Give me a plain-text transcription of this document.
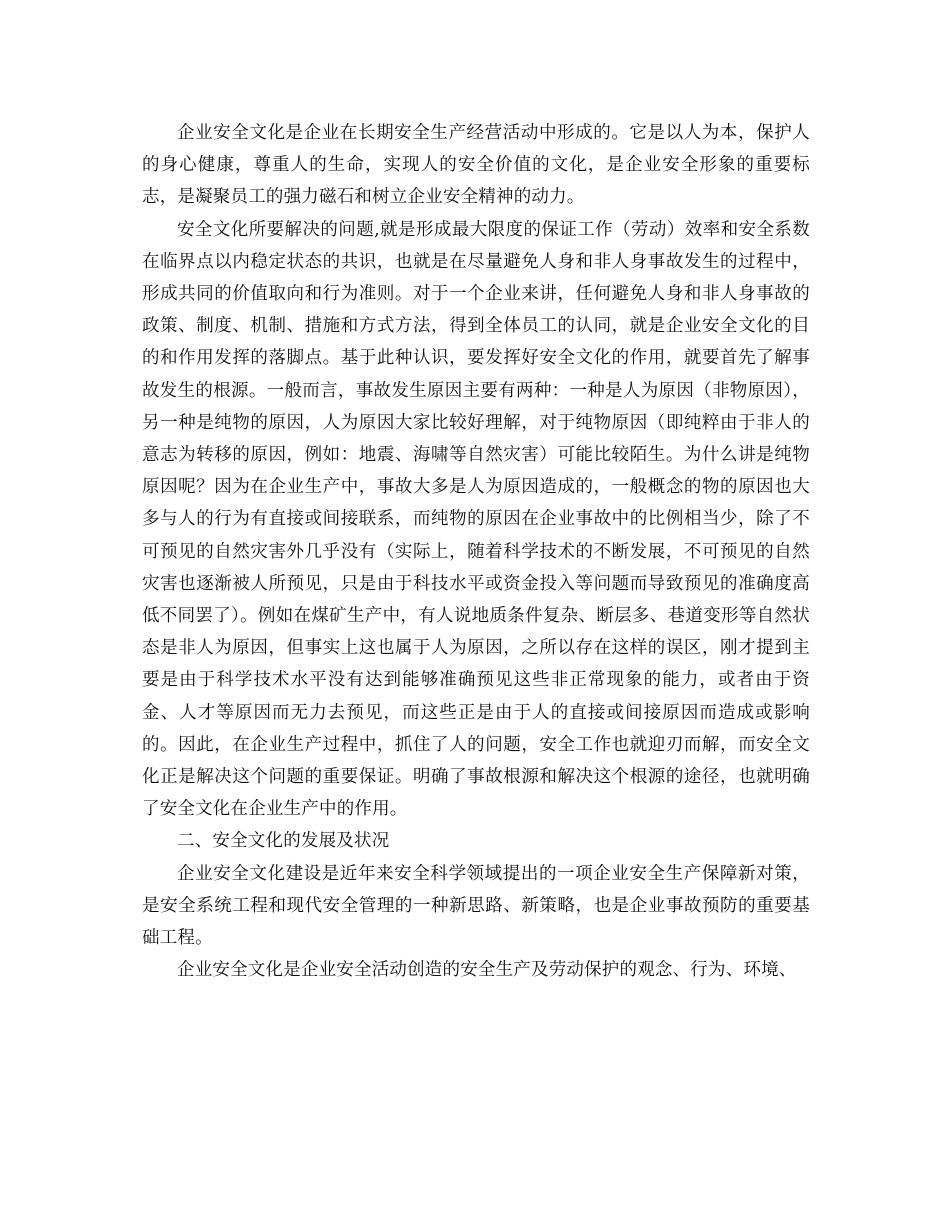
企业安全文化是企业在长期安全生产经营活动中形成的。它是以人为本，保护人的身心健康，尊重人的生命，实现人的安全价值的文化，是企业安全形象的重要标志，是凝聚员工的强力磁石和树立企业安全精神的动力。

安全文化所要解决的问题,就是形成最大限度的保证工作（劳动）效率和安全系数在临界点以内稳定状态的共识，也就是在尽量避免人身和非人身事故发生的过程中，形成共同的价值取向和行为准则。对于一个企业来讲，任何避免人身和非人身事故的政策、制度、机制、措施和方式方法，得到全体员工的认同，就是企业安全文化的目的和作用发挥的落脚点。基于此种认识，要发挥好安全文化的作用，就要首先了解事故发生的根源。一般而言，事故发生原因主要有两种：一种是人为原因（非物原因），另一种是纯物的原因，人为原因大家比较好理解，对于纯物原因（即纯粹由于非人的意志为转移的原因，例如：地震、海啸等自然灾害）可能比较陌生。为什么讲是纯物原因呢？因为在企业生产中，事故大多是人为原因造成的，一般概念的物的原因也大多与人的行为有直接或间接联系，而纯物的原因在企业事故中的比例相当少，除了不可预见的自然灾害外几乎没有（实际上，随着科学技术的不断发展，不可预见的自然灾害也逐渐被人所预见，只是由于科技水平或资金投入等问题而导致预见的准确度高低不同罢了）。例如在煤矿生产中，有人说地质条件复杂、断层多、巷道变形等自然状态是非人为原因，但事实上这也属于人为原因，之所以存在这样的误区，刚才提到主要是由于科学技术水平没有达到能够准确预见这些非正常现象的能力，或者由于资金、人才等原因而无力去预见，而这些正是由于人的直接或间接原因而造成或影响的。因此，在企业生产过程中，抓住了人的问题，安全工作也就迎刃而解，而安全文化正是解决这个问题的重要保证。明确了事故根源和解决这个根源的途径，也就明确了安全文化在企业生产中的作用。

二、安全文化的发展及状况

企业安全文化建设是近年来安全科学领域提出的一项企业安全生产保障新对策，是安全系统工程和现代安全管理的一种新思路、新策略，也是企业事故预防的重要基础工程。

企业安全文化是企业安全活动创造的安全生产及劳动保护的观念、行为、环境、
